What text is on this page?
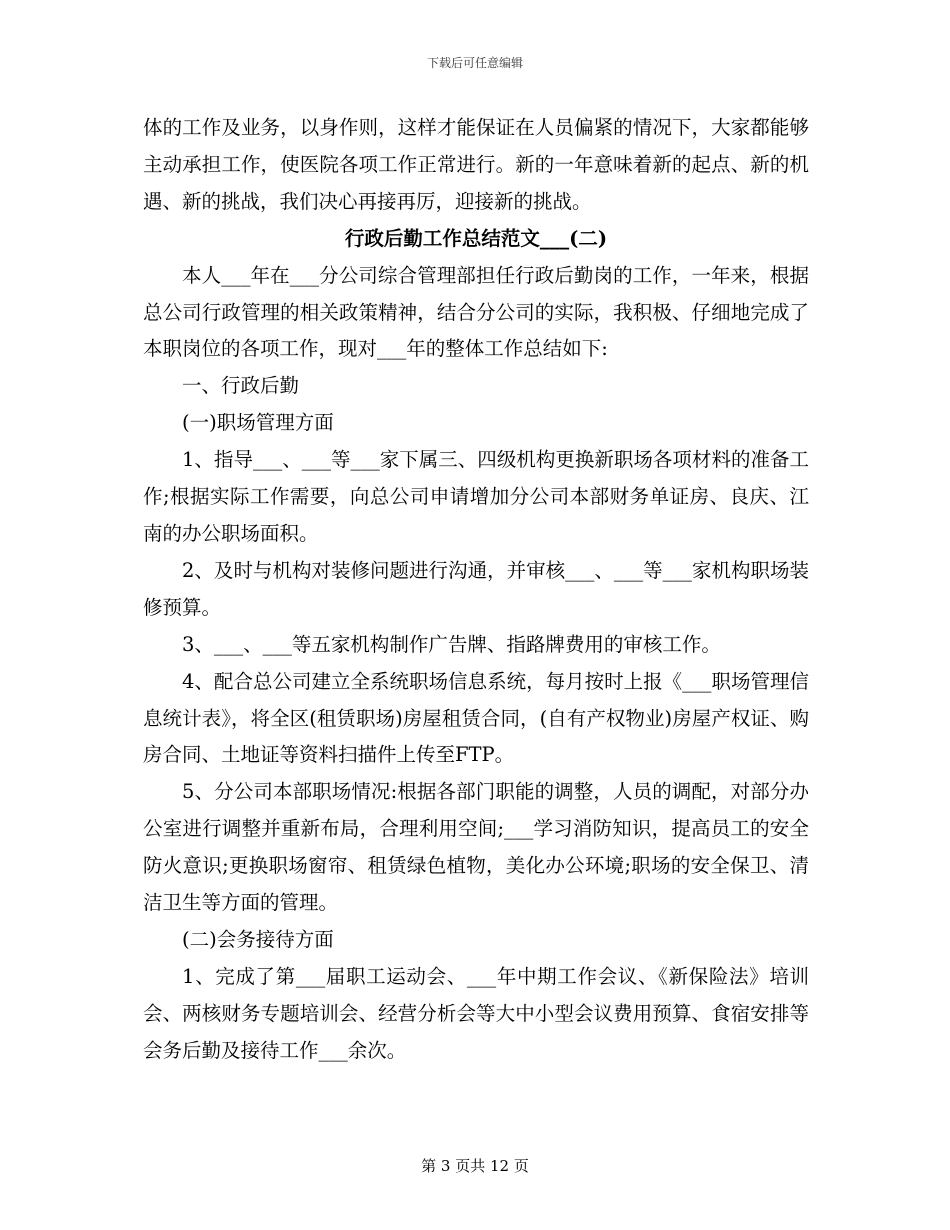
下载后可任意编辑

体的工作及业务，以身作则，这样才能保证在人员偏紧的情况下，大家都能够主动承担工作，使医院各项工作正常进行。新的一年意味着新的起点、新的机遇、新的挑战，我们决心再接再厉，迎接新的挑战。

行政后勤工作总结范文___(二)

本人___年在___分公司综合管理部担任行政后勤岗的工作，一年来，根据总公司行政管理的相关政策精神，结合分公司的实际，我积极、仔细地完成了本职岗位的各项工作，现对___年的整体工作总结如下:

一、行政后勤

(一)职场管理方面

1、指导___、___等___家下属三、四级机构更换新职场各项材料的准备工作;根据实际工作需要，向总公司申请增加分公司本部财务单证房、良庆、江南的办公职场面积。

2、及时与机构对装修问题进行沟通，并审核___、___等___家机构职场装修预算。

3、___、___等五家机构制作广告牌、指路牌费用的审核工作。

4、配合总公司建立全系统职场信息系统，每月按时上报《___职场管理信息统计表》，将全区(租赁职场)房屋租赁合同，(自有产权物业)房屋产权证、购房合同、土地证等资料扫描件上传至FTP。

5、分公司本部职场情况:根据各部门职能的调整，人员的调配，对部分办公室进行调整并重新布局，合理利用空间;___学习消防知识，提高员工的安全防火意识;更换职场窗帘、租赁绿色植物，美化办公环境;职场的安全保卫、清洁卫生等方面的管理。

(二)会务接待方面

1、完成了第___届职工运动会、___年中期工作会议、《新保险法》培训会、两核财务专题培训会、经营分析会等大中小型会议费用预算、食宿安排等会务后勤及接待工作___余次。

第 3 页共 12 页
